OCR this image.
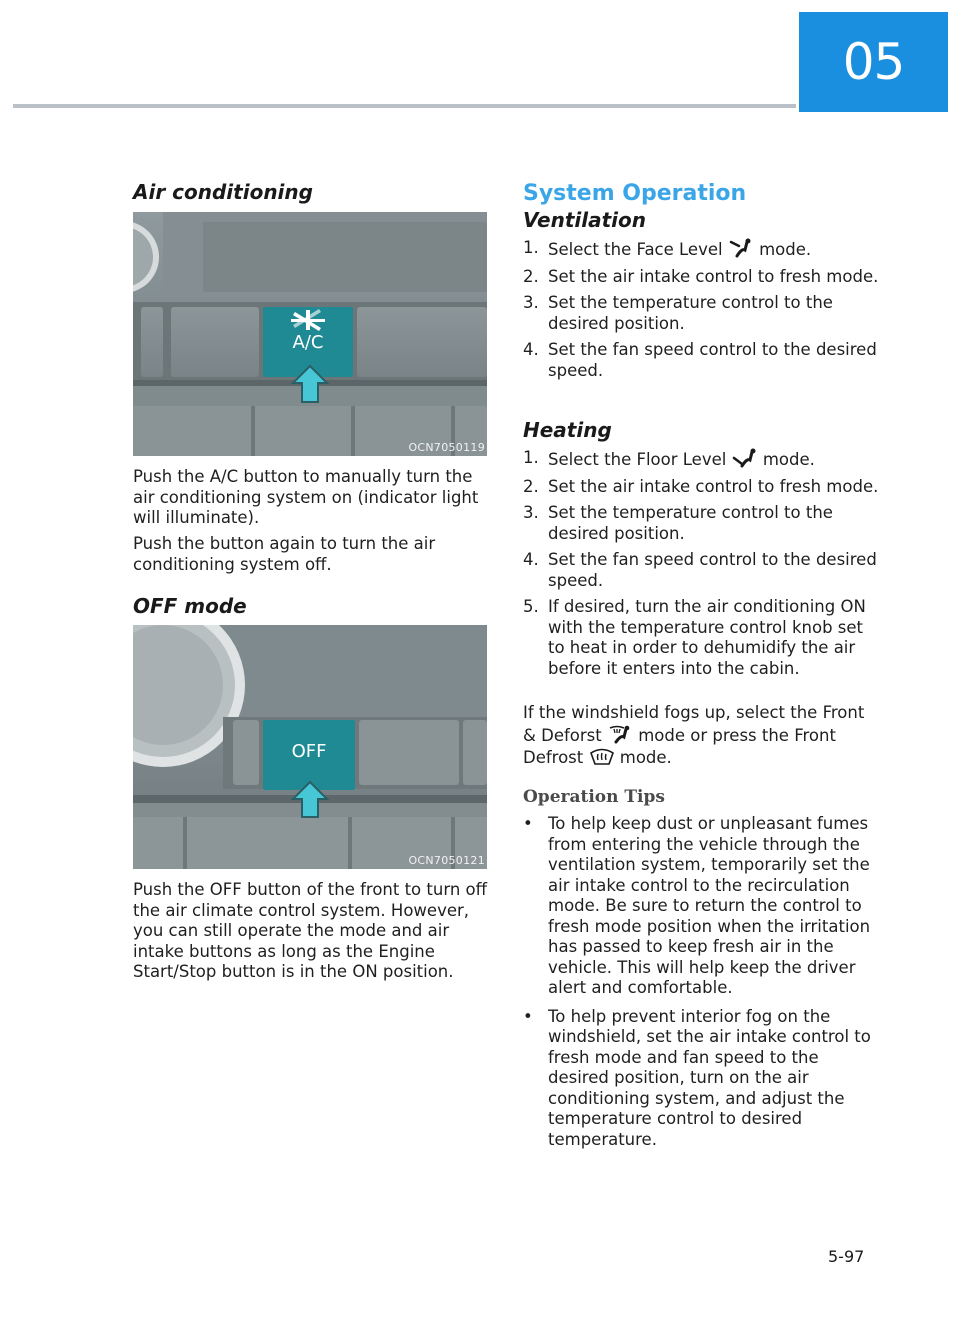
05
Air conditioning
A/C
OCN7050119

Push the A/C button to manually turn the air conditioning system on (indicator light will illuminate).

Push the button again to turn the air conditioning system off.

OFF mode
OFF
OCN7050121

Push the OFF button of the front to turn off the air climate control system. However, you can still operate the mode and air intake buttons as long as the Engine Start/Stop button is in the ON position.

System Operation
Ventilation
1. Select the Face Level mode.
2. Set the air intake control to fresh mode.
3. Set the temperature control to the desired position.
4. Set the fan speed control to the desired speed.
Heating
1. Select the Floor Level mode.
2. Set the air intake control to fresh mode.
3. Set the temperature control to the desired position.
4. Set the fan speed control to the desired speed.
5. If desired, turn the air conditioning ON with the temperature control knob set to heat in order to dehumidify the air before it enters into the cabin.

If the windshield fogs up, select the Front & Deforst mode or press the Front Defrost mode.

Operation Tips
• To help keep dust or unpleasant fumes from entering the vehicle through the ventilation system, temporarily set the air intake control to the recirculation mode. Be sure to return the control to fresh mode position when the irritation has passed to keep fresh air in the vehicle. This will help keep the driver alert and comfortable.
• To help prevent interior fog on the windshield, set the air intake control to fresh mode and fan speed to the desired position, turn on the air conditioning system, and adjust the temperature control to desired temperature.
5-97
